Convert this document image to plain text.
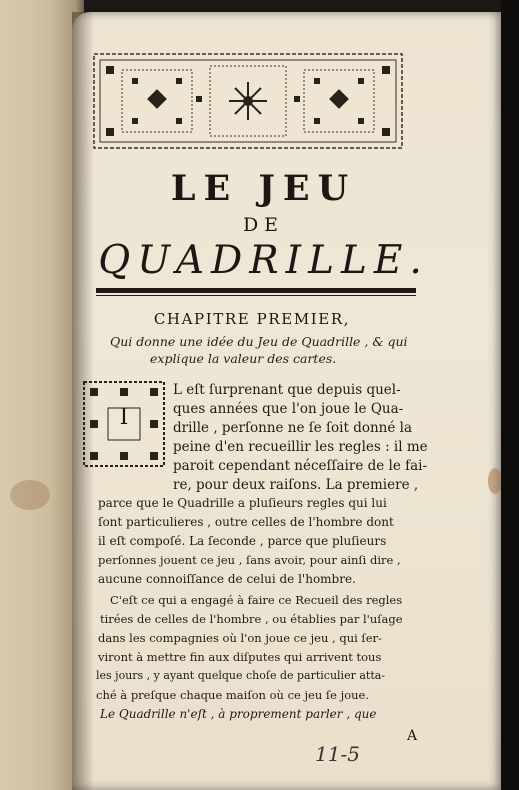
LE JEU
DE
QUADRILLE.
CHAPITRE PREMIER,
Qui donne une idée du Jeu de Quadrille , & qui
explique la valeur des cartes.
I
L eſt ſurprenant que depuis quel-
ques années que l'on joue le Qua-
drille , perſonne ne ſe ſoit donné la
peine d'en recueillir les regles : il me
paroit cependant néceſſaire de le fai-
re, pour deux raiſons. La premiere ,
parce que le Quadrille a pluſieurs regles qui lui
ſont particulieres , outre celles de l'hombre dont
il eſt compoſé. La ſeconde , parce que pluſieurs
perſonnes jouent ce jeu , ſans avoir, pour ainſi dire ,
aucune connoiſſance de celui de l'hombre.
C'eſt ce qui a engagé à faire ce Recueil des regles
tirées de celles de l'hombre , ou établies par l'uſage
dans les compagnies où l'on joue ce jeu , qui ſer-
viront à mettre fin aux diſputes qui arrivent tous
les jours , y ayant quelque choſe de particulier atta-
ché à preſque chaque maiſon où ce jeu ſe joue.
Le Quadrille n'eſt , à proprement parler , que
A
11-5
